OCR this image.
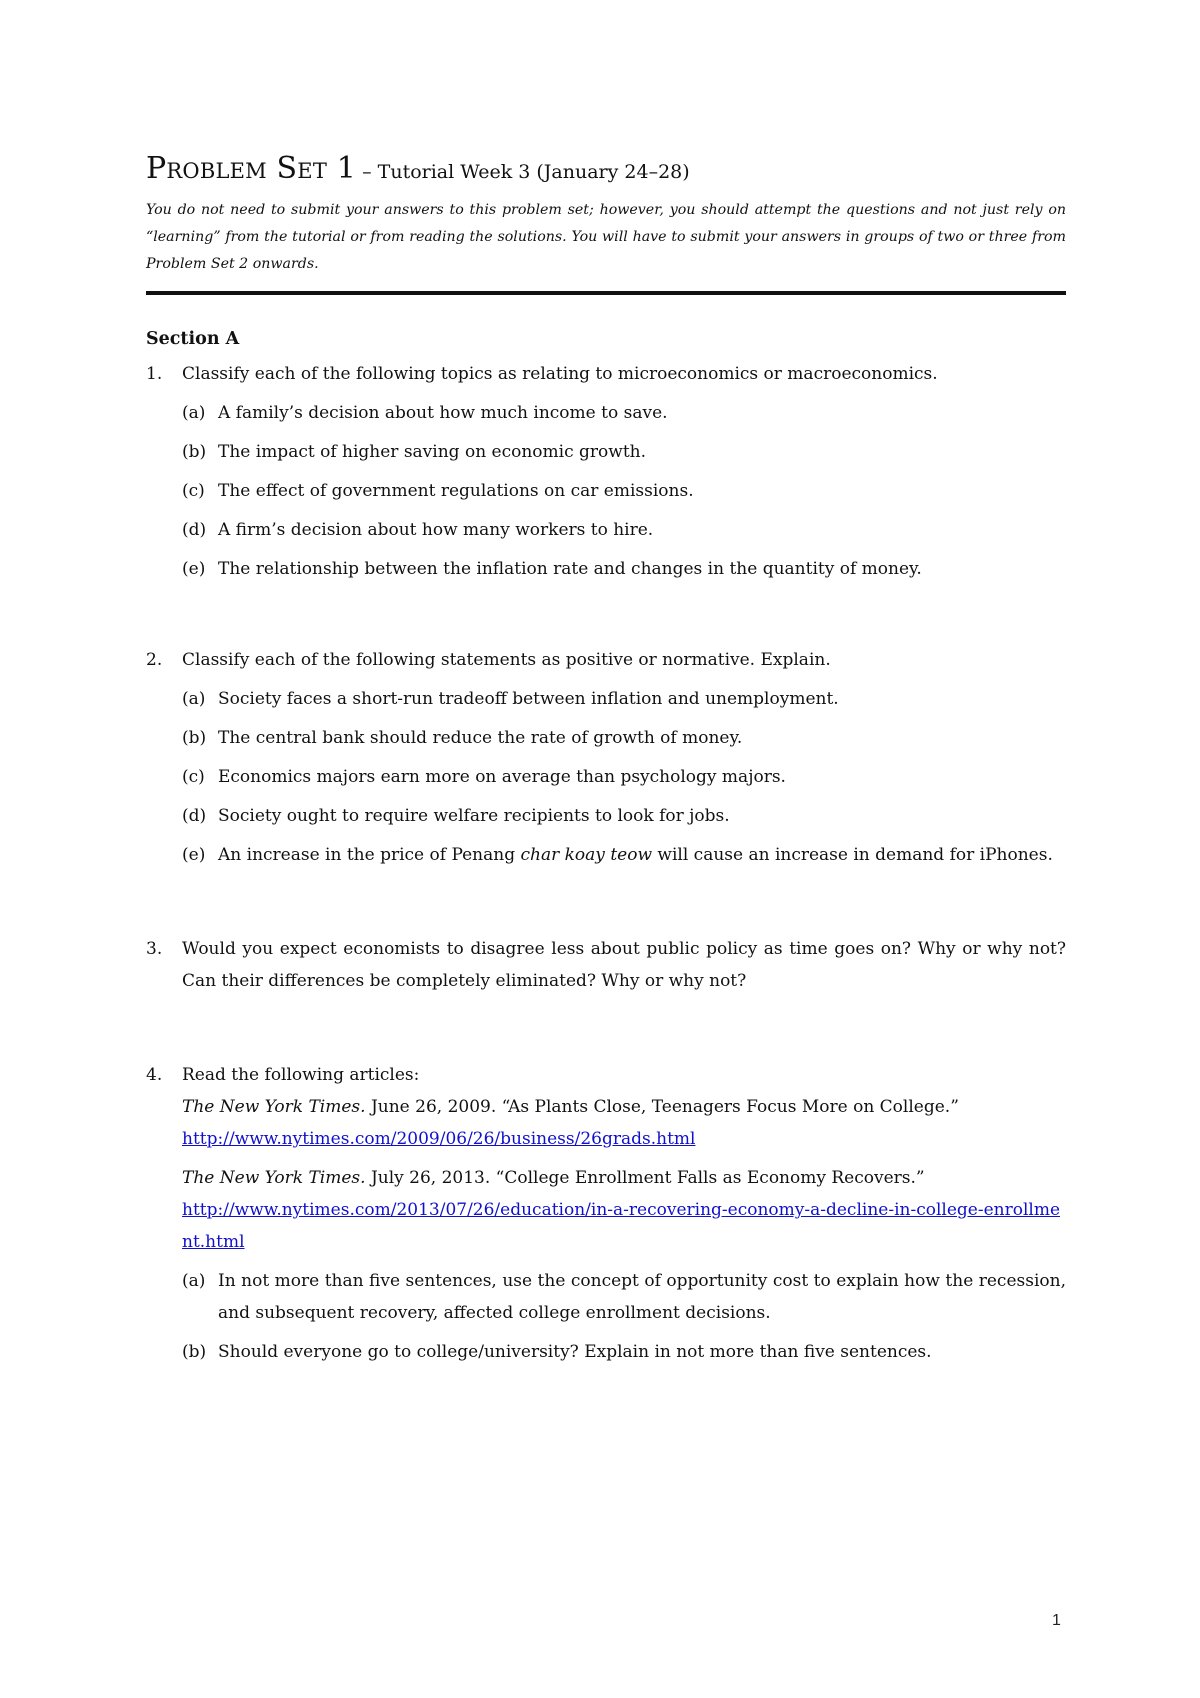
Problem Set 1 – Tutorial Week 3 (January 24–28)
You do not need to submit your answers to this problem set; however, you should attempt the questions and not just rely on “learning” from the tutorial or from reading the solutions. You will have to submit your answers in groups of two or three from Problem Set 2 onwards.
Section A
1. Classify each of the following topics as relating to microeconomics or macroeconomics.
(a) A family’s decision about how much income to save.
(b) The impact of higher saving on economic growth.
(c) The effect of government regulations on car emissions.
(d) A firm’s decision about how many workers to hire.
(e) The relationship between the inflation rate and changes in the quantity of money.
2. Classify each of the following statements as positive or normative. Explain.
(a) Society faces a short-run tradeoff between inflation and unemployment.
(b) The central bank should reduce the rate of growth of money.
(c) Economics majors earn more on average than psychology majors.
(d) Society ought to require welfare recipients to look for jobs.
(e) An increase in the price of Penang char koay teow will cause an increase in demand for iPhones.
3. Would you expect economists to disagree less about public policy as time goes on? Why or why not? Can their differences be completely eliminated? Why or why not?
4. Read the following articles:
The New York Times. June 26, 2009. “As Plants Close, Teenagers Focus More on College.”
http://www.nytimes.com/2009/06/26/business/26grads.html
The New York Times. July 26, 2013. “College Enrollment Falls as Economy Recovers.”
http://www.nytimes.com/2013/07/26/education/in-a-recovering-economy-a-decline-in-college-enrollment.html
(a) In not more than five sentences, use the concept of opportunity cost to explain how the recession, and subsequent recovery, affected college enrollment decisions.
(b) Should everyone go to college/university? Explain in not more than five sentences.
1
